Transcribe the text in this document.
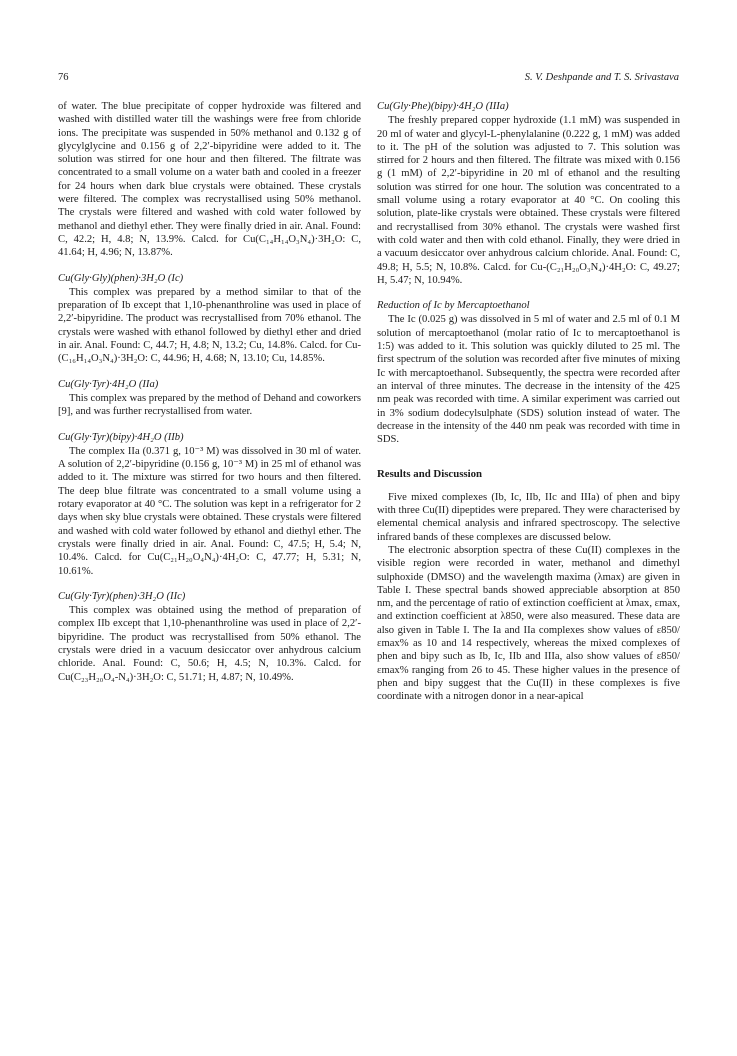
76	S. V. Deshpande and T. S. Srivastava

of water. The blue precipitate of copper hydroxide was filtered and washed with distilled water till the washings were free from chloride ions. The precipitate was suspended in 50% methanol and 0.132 g of glycylglycine and 0.156 g of 2,2′-bipyridine were added to it. The solution was stirred for one hour and then filtered. The filtrate was concentrated to a small volume on a water bath and cooled in a freezer for 24 hours when dark blue crystals were obtained. These crystals were filtered. The complex was recrystallised using 50% methanol. The crystals were filtered and washed with cold water followed by methanol and diethyl ether. They were finally dried in air. Anal. Found: C, 42.2; H, 4.8; N, 13.9%. Calcd. for Cu(C₁₄H₁₄O₃N₄)·3H₂O: C, 41.64; H, 4.96; N, 13.87%.

Cu(Gly·Gly)(phen)·3H₂O (Ic)

This complex was prepared by a method similar to that of the preparation of Ib except that 1,10-phenanthroline was used in place of 2,2′-bipyridine. The product was recrystallised from 70% ethanol. The crystals were washed with ethanol followed by diethyl ether and dried in air. Anal. Found: C, 44.7; H, 4.8; N, 13.2; Cu, 14.8%. Calcd. for Cu-(C₁₆H₁₄O₃N₄)·3H₂O: C, 44.96; H, 4.68; N, 13.10; Cu, 14.85%.

Cu(Gly·Tyr)·4H₂O (IIa)

This complex was prepared by the method of Dehand and coworkers [9], and was further recrystallised from water.

Cu(Gly·Tyr)(bipy)·4H₂O (IIb)

The complex IIa (0.371 g, 10⁻³ M) was dissolved in 30 ml of water. A solution of 2,2′-bipyridine (0.156 g, 10⁻³ M) in 25 ml of ethanol was added to it. The mixture was stirred for two hours and then filtered. The deep blue filtrate was concentrated to a small volume using a rotary evaporator at 40 °C. The solution was kept in a refrigerator for 2 days when sky blue crystals were obtained. These crystals were filtered and washed with cold water followed by ethanol and diethyl ether. The crystals were finally dried in air. Anal. Found: C, 47.5; H, 5.4; N, 10.4%. Calcd. for Cu(C₂₁H₂₀O₄N₄)·4H₂O: C, 47.77; H, 5.31; N, 10.61%.

Cu(Gly·Tyr)(phen)·3H₂O (IIc)

This complex was obtained using the method of preparation of complex IIb except that 1,10-phenanthroline was used in place of 2,2′-bipyridine. The product was recrystallised from 50% ethanol. The crystals were dried in a vacuum desiccator over anhydrous calcium chloride. Anal. Found: C, 50.6; H, 4.5; N, 10.3%. Calcd. for Cu(C₂₃H₂₀O₄-N₄)·3H₂O: C, 51.71; H, 4.87; N, 10.49%.

Cu(Gly·Phe)(bipy)·4H₂O (IIIa)

The freshly prepared copper hydroxide (1.1 mM) was suspended in 20 ml of water and glycyl-L-phenylalanine (0.222 g, 1 mM) was added to it. The pH of the solution was adjusted to 7. This solution was stirred for 2 hours and then filtered. The filtrate was mixed with 0.156 g (1 mM) of 2,2′-bipyridine in 20 ml of ethanol and the resulting solution was stirred for one hour. The solution was concentrated to a small volume using a rotary evaporator at 40 °C. On cooling this solution, plate-like crystals were obtained. These crystals were filtered and recrystallised from 30% ethanol. The crystals were washed first with cold water and then with cold ethanol. Finally, they were dried in a vacuum desiccator over anhydrous calcium chloride. Anal. Found: C, 49.8; H, 5.5; N, 10.8%. Calcd. for Cu-(C₂₁H₂₀O₃N₄)·4H₂O: C, 49.27; H, 5.47; N, 10.94%.

Reduction of Ic by Mercaptoethanol

The Ic (0.025 g) was dissolved in 5 ml of water and 2.5 ml of 0.1 M solution of mercaptoethanol (molar ratio of Ic to mercaptoethanol is 1:5) was added to it. This solution was quickly diluted to 25 ml. The first spectrum of the solution was recorded after five minutes of mixing Ic with mercaptoethanol. Subsequently, the spectra were recorded after an interval of three minutes. The decrease in the intensity of the 425 nm peak was recorded with time. A similar experiment was carried out in 3% sodium dodecylsulphate (SDS) solution instead of water. The decrease in the intensity of the 440 nm peak was recorded with time in SDS.

Results and Discussion

Five mixed complexes (Ib, Ic, IIb, IIc and IIIa) of phen and bipy with three Cu(II) dipeptides were prepared. They were characterised by elemental chemical analysis and infrared spectroscopy. The selective infrared bands of these complexes are discussed below.

The electronic absorption spectra of these Cu(II) complexes in the visible region were recorded in water, methanol and dimethyl sulphoxide (DMSO) and the wavelength maxima (λmax) are given in Table I. These spectral bands showed appreciable absorption at 850 nm, and the percentage of ratio of extinction coefficient at λmax, εmax, and extinction coefficient at λ850, were also measured. These data are also given in Table I. The Ia and IIa complexes show values of ε850/εmax% as 10 and 14 respectively, whereas the mixed complexes of phen and bipy such as Ib, Ic, IIb and IIIa, also show values of ε850/εmax% ranging from 26 to 45. These higher values in the presence of phen and bipy suggest that the Cu(II) in these complexes is five coordinate with a nitrogen donor in a near-apical
